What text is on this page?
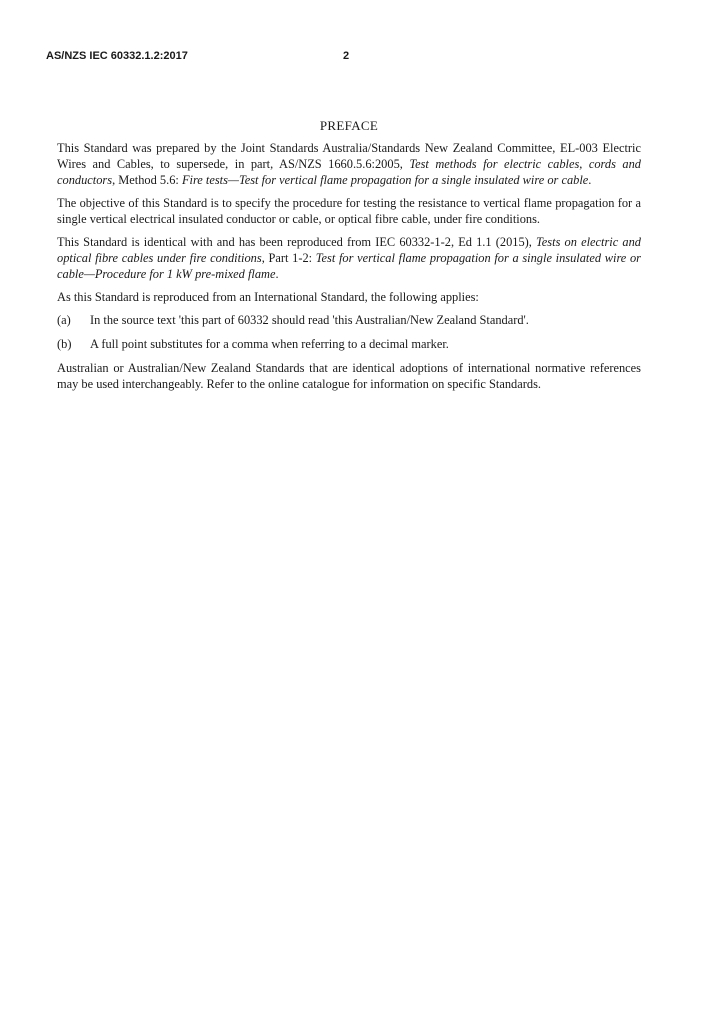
AS/NZS IEC 60332.1.2:2017	2
PREFACE

This Standard was prepared by the Joint Standards Australia/Standards New Zealand Committee, EL-003 Electric Wires and Cables, to supersede, in part, AS/NZS 1660.5.6:2005, Test methods for electric cables, cords and conductors, Method 5.6: Fire tests—Test for vertical flame propagation for a single insulated wire or cable.

The objective of this Standard is to specify the procedure for testing the resistance to vertical flame propagation for a single vertical electrical insulated conductor or cable, or optical fibre cable, under fire conditions.

This Standard is identical with and has been reproduced from IEC 60332-1-2, Ed 1.1 (2015), Tests on electric and optical fibre cables under fire conditions, Part 1-2: Test for vertical flame propagation for a single insulated wire or cable—Procedure for 1 kW pre-mixed flame.

As this Standard is reproduced from an International Standard, the following applies:

(a)	In the source text 'this part of 60332 should read 'this Australian/New Zealand Standard'.
(b)	A full point substitutes for a comma when referring to a decimal marker.

Australian or Australian/New Zealand Standards that are identical adoptions of international normative references may be used interchangeably. Refer to the online catalogue for information on specific Standards.
